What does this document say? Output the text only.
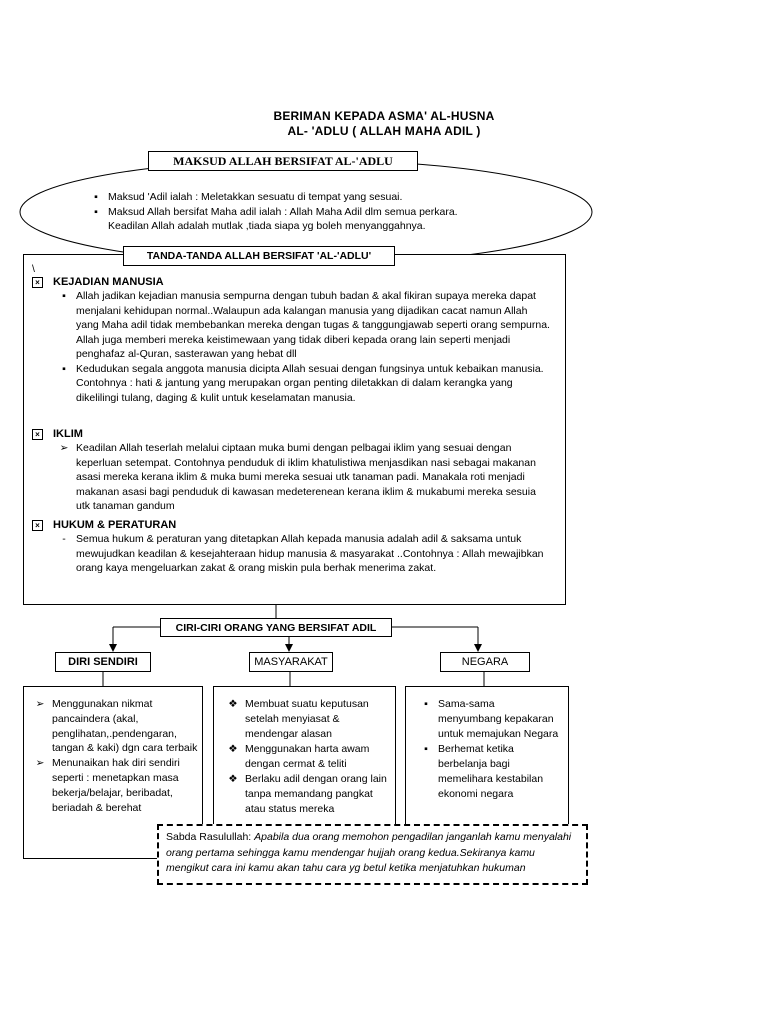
BERIMAN KEPADA ASMA' AL-HUSNA
AL- 'ADLU ( ALLAH MAHA ADIL )
MAKSUD ALLAH BERSIFAT AL-'ADLU
▪ Maksud 'Adil ialah : Meletakkan sesuatu di tempat yang sesuai.
▪ Maksud Allah bersifat Maha adil ialah : Allah Maha Adil dlm semua perkara.
Keadilan Allah adalah mutlak ,tiada siapa yg boleh menyanggahnya.
TANDA-TANDA ALLAH BERSIFAT 'AL-'ADLU'
\
× KEJADIAN MANUSIA
▪ Allah jadikan kejadian manusia sempurna dengan tubuh badan & akal fikiran supaya mereka dapat menjalani kehidupan normal..Walaupun ada kalangan manusia yang dijadikan cacat namun Allah yang Maha adil tidak membebankan mereka dengan tugas & tanggungjawab seperti orang sempurna. Allah juga memberi mereka keistimewaan yang tidak diberi kepada orang lain seperti menjadi penghafaz al-Quran, sasterawan yang hebat dll
▪ Kedudukan segala anggota manusia dicipta Allah sesuai dengan fungsinya untuk kebaikan manusia. Contohnya : hati & jantung yang merupakan organ penting diletakkan di dalam kerangka yang dikelilingi tulang, daging & kulit untuk keselamatan manusia.
× IKLIM
➢ Keadilan Allah teserlah melalui ciptaan muka bumi dengan pelbagai iklim yang sesuai dengan keperluan setempat. Contohnya penduduk di iklim khatulistiwa menjasdikan nasi sebagai makanan asasi mereka kerana iklim & muka bumi mereka sesuai utk tanaman padi. Manakala roti menjadi makanan asasi bagi penduduk di kawasan medeterenean kerana iklim & mukabumi mereka sesuia utk tanaman gandum
× HUKUM & PERATURAN
- Semua hukum & peraturan yang ditetapkan Allah kepada manusia adalah adil & saksama untuk mewujudkan keadilan & kesejahteraan hidup manusia & masyarakat ..Contohnya : Allah mewajibkan orang kaya mengeluarkan zakat & orang miskin pula berhak menerima zakat.
CIRI-CIRI ORANG YANG BERSIFAT ADIL
DIRI SENDIRI	MASYARAKAT	NEGARA
➢ Menggunakan nikmat pancaindera (akal, penglihatan,.pendengaran, tangan & kaki) dgn cara terbaik
➢ Menunaikan hak diri sendiri seperti : menetapkan masa bekerja/belajar, beribadat, beriadah & berehat
❖ Membuat suatu keputusan setelah menyiasat & mendengar alasan
❖ Menggunakan harta awam dengan cermat & teliti
❖ Berlaku adil dengan orang lain tanpa memandang pangkat atau status mereka
▪ Sama-sama menyumbang kepakaran untuk memajukan Negara
▪ Berhemat ketika berbelanja bagi memelihara kestabilan ekonomi negara
Sabda Rasulullah: Apabila dua orang memohon pengadilan janganlah kamu menyalahi orang pertama sehingga kamu mendengar hujjah orang kedua.Sekiranya kamu mengikut cara ini kamu akan tahu cara yg betul ketika menjatuhkan hukuman
